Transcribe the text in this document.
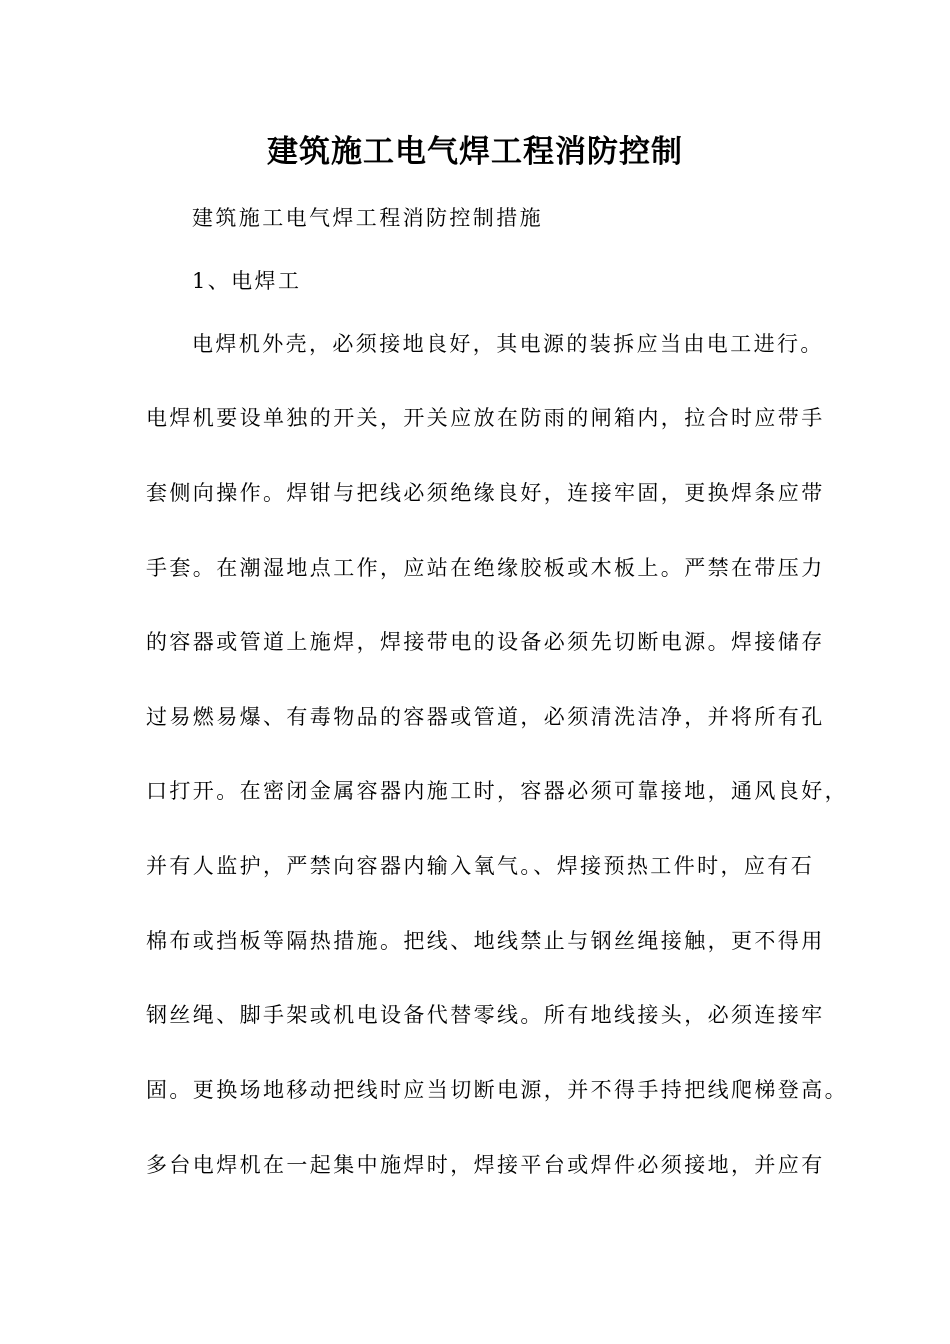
建筑施工电气焊工程消防控制
建筑施工电气焊工程消防控制措施
1、电焊工
电焊机外壳，必须接地良好，其电源的装拆应当由电工进行。
电焊机要设单独的开关，开关应放在防雨的闸箱内，拉合时应带手
套侧向操作。焊钳与把线必须绝缘良好，连接牢固，更换焊条应带
手套。在潮湿地点工作，应站在绝缘胶板或木板上。严禁在带压力
的容器或管道上施焊，焊接带电的设备必须先切断电源。焊接储存
过易燃易爆、有毒物品的容器或管道，必须清洗洁净，并将所有孔
口打开。在密闭金属容器内施工时，容器必须可靠接地，通风良好，
并有人监护，严禁向容器内输入氧气。、焊接预热工件时，应有石
棉布或挡板等隔热措施。把线、地线禁止与钢丝绳接触，更不得用
钢丝绳、脚手架或机电设备代替零线。所有地线接头，必须连接牢
固。更换场地移动把线时应当切断电源，并不得手持把线爬梯登高。
多台电焊机在一起集中施焊时，焊接平台或焊件必须接地，并应有
